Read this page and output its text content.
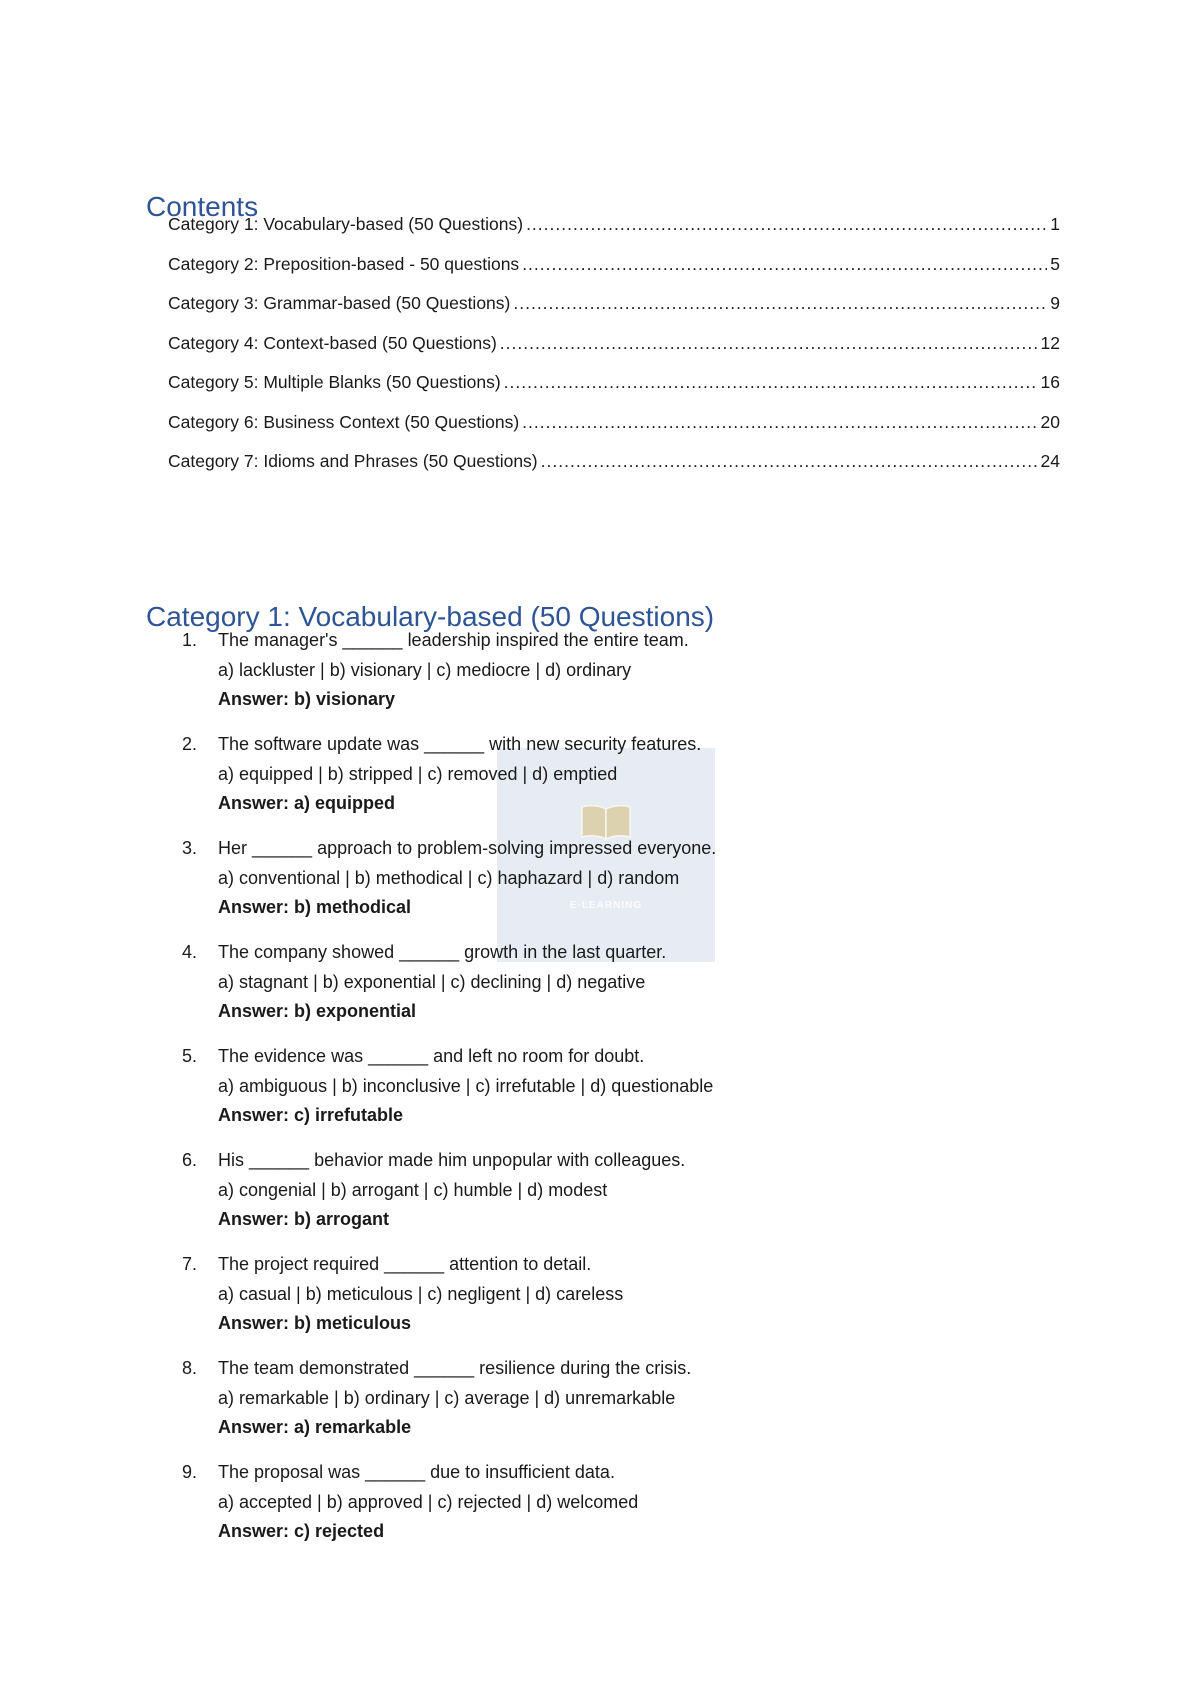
Contents
Category 1: Vocabulary-based (50 Questions) .....	1
Category 2: Preposition-based - 50 questions .....	5
Category 3: Grammar-based (50 Questions) .....	9
Category 4: Context-based (50 Questions) .....	12
Category 5: Multiple Blanks (50 Questions) .....	16
Category 6: Business Context (50 Questions) .....	20
Category 7: Idioms and Phrases (50 Questions) .....	24
Category 1: Vocabulary-based (50 Questions)
E-LEARNING
1. The manager's ______ leadership inspired the entire team.
a) lackluster | b) visionary | c) mediocre | d) ordinary
Answer: b) visionary
2. The software update was ______ with new security features.
a) equipped | b) stripped | c) removed | d) emptied
Answer: a) equipped
3. Her ______ approach to problem-solving impressed everyone.
a) conventional | b) methodical | c) haphazard | d) random
Answer: b) methodical
4. The company showed ______ growth in the last quarter.
a) stagnant | b) exponential | c) declining | d) negative
Answer: b) exponential
5. The evidence was ______ and left no room for doubt.
a) ambiguous | b) inconclusive | c) irrefutable | d) questionable
Answer: c) irrefutable
6. His ______ behavior made him unpopular with colleagues.
a) congenial | b) arrogant | c) humble | d) modest
Answer: b) arrogant
7. The project required ______ attention to detail.
a) casual | b) meticulous | c) negligent | d) careless
Answer: b) meticulous
8. The team demonstrated ______ resilience during the crisis.
a) remarkable | b) ordinary | c) average | d) unremarkable
Answer: a) remarkable
9. The proposal was ______ due to insufficient data.
a) accepted | b) approved | c) rejected | d) welcomed
Answer: c) rejected
